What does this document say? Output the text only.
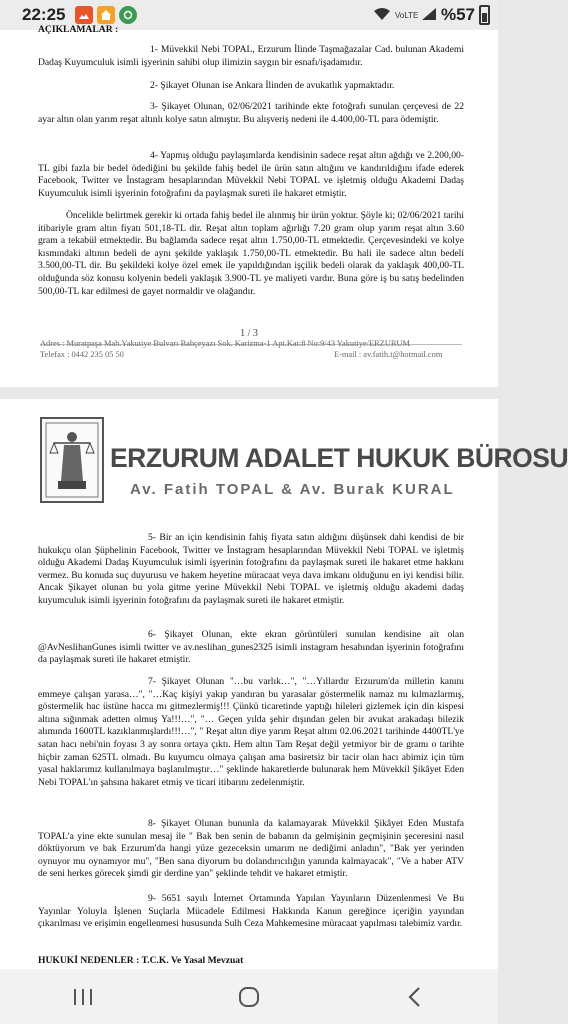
22:25	VoLTE %57
AÇIKLAMALAR :
1- Müvekkil Nebi TOPAL, Erzurum İlinde Taşmağazalar Cad. bulunan Akademi Dadaş Kuyumculuk isimli işyerinin sahibi olup ilimizin saygın bir esnafı/işadamıdır.
2- Şikayet Olunan ise Ankara İlinden de avukatlık yapmaktadır.
3- Şikayet Olunan, 02/06/2021 tarihinde ekte fotoğrafı sunulan çerçevesi de 22 ayar altın olan yarım reşat altınlı kolye satın almıştır. Bu alışveriş nedeni ile 4.400,00-TL para ödemiştir.
4- Yapmış olduğu paylaşımlarda kendisinin sadece reşat altın ağdığı ve 2.200,00-TL gibi fazla bir bedel ödediğini bu şekilde fahiş bedel ile ürün satın altığını ve kandırıldığını ifade ederek Facebook, Twitter ve İnstagram hesaplarından Müvekkil Nebi TOPAL ve işletmiş olduğu Akademi Dadaş Kuyumculuk isimli işyerinin fotoğrafını da paylaşmak sureti ile hakaret etmiştir.
Öncelikle belirtmek gerekir ki ortada fahiş bedel ile alınmış bir ürün yoktur. Şöyle ki; 02/06/2021 tarihi itibariyle gram altın fiyatı 501,18-TL dir. Reşat altın toplam ağırlığı 7.20 gram olup yarım reşat altın 3.60 gram a tekabül etmektedir. Bu bağlamda sadece reşat altın 1.750,00-TL etmektedir. Çerçevesindeki ve kolye kısmındaki altının bedeli de aynı şekilde yaklaşık 1.750,00-TL etmektedir. Bu hali ile sadece altın bedeli 3.500,00-TL dir. Bu şekildeki kolye özel emek ile yapıldığından işçilik bedeli olarak da yaklaşık 400,00-TL olduğunda söz konusu kolyenin bedeli yaklaşık 3.900-TL ye maliyeti vardır. Buna göre iş bu satış bedelinden 500,00-TL kar edilmesi de gayet normaldir ve olağandır.
1 / 3
Adres : Muratpaşa Mah.Yakutiye Bulvarı Bahçeyazı Sok. Karizma-1 Apt.Kat:8 No:9/43 Yakutiye/ERZURUM
Telefax : 0442 235 05 50	E-mail : av.fatih.t@hotmail.com
ERZURUM ADALET HUKUK BÜROSU
Av. Fatih TOPAL & Av. Burak KURAL
5- Bir an için kendisinin fahiş fiyata satın aldığını düşünsek dahi kendisi de bir hukukçu olan Şüphelinin Facebook, Twitter ve İnstagram hesaplarından Müvekkil Nebi TOPAL ve işletmiş olduğu Akademi Dadaş Kuyumculuk isimli işyerinin fotoğrafını da paylaşmak sureti ile hakaret etme hakkını vermez. Bu konuda suç duyurusu ve hakem heyetine müracaat veya dava imkanı olduğunu en iyi kendisi bilir. Ancak Şikayet olunan bu yola gitme yerine Müvekkil Nebi TOPAL ve işletmiş olduğu akademi dadaş kuyumculuk isimli işyerinin fotoğrafını da paylaşmak sureti ile hakaret etmiştir.
6- Şikayet Olunan, ekte ekran görüntüleri sunulan kendisine ait olan @AvNeslihanGunes isimli twitter ve av.neslihan_gunes2325 isimli instagram hesabından işyerinin fotoğrafını da paylaşmak sureti ile hakaret etmiştir.
7- Şikayet Olunan "…bu varlık…", "…Yıllardır Erzurum'da milletin kanını emmeye çalışan yarasa…", "…Kaç kişiyi yakıp yandıran bu yarasalar göstermelik namaz mı kılmazlarmış, göstermelik hac üstüne hacca mı gitmezlermiş!!! Çünkü ticaretinde yaptığı hileleri gizlemek için din kispesi altına sığınmak adetten olmuş Ya!!!…", "… Geçen yılda şehir dışından gelen bir avukat arakadaşı bilezik alımında 1600TL kazıklanmışlardı!!!…", " Reşat altın diye yarım Reşat altını 02.06.2021 tarihinde 4400TL'ye satan hacı nebi'nin foyası 3 ay sonra ortaya çıktı. Hem altın Tam Reşat değil yetmiyor bir de gramı o tarihte hiçbir zaman 625TL olmadı. Bu kuyumcu olmaya çalışan ama basiretsiz bir tacir olan hacı abimiz için tüm yasal haklarımız kullanılmaya başlanılmıştır…" şeklinde hakaretlerde bulunarak hem Müvekkil Şikâyet Eden Nebi TOPAL'ın şahsına hakaret etmiş ve ticari itibarını zedelenmiştir.
8- Şikayet Olunan bununla da kalamayarak Müvekkil Şikâyet Eden Mustafa TOPAL'a yine ekte sunulan mesaj ile " Bak ben senin de babanın da gelmişinin geçmişinin şeceresini nasıl döktüyorum ve bak Erzurum'da hangi yüze gezeceksin umarım ne dediğimi anladın", "Bak yer yerinden oynuyor mu oynamıyor mu", "Ben sana diyorum bu dolandırıcılığın yanında kalmayacak", "Ve a haber ATV de seni herkes görecek şimdi gir derdine yan" şeklinde tehdit ve hakaret etmiştir.
9- 5651 sayılı İnternet Ortamında Yapılan Yayınların Düzenlenmesi Ve Bu Yayınlar Yoluyla İşlenen Suçlarla Mücadele Edilmesi Hakkında Kanun gereğince içeriğin yayından çıkarılması ve erişimin engellenmesi hususunda Sulh Ceza Mahkemesine müracaat yapılması talebimiz vardır.
HUKUKİ NEDENLER : T.C.K. Ve Yasal Mevzuat
